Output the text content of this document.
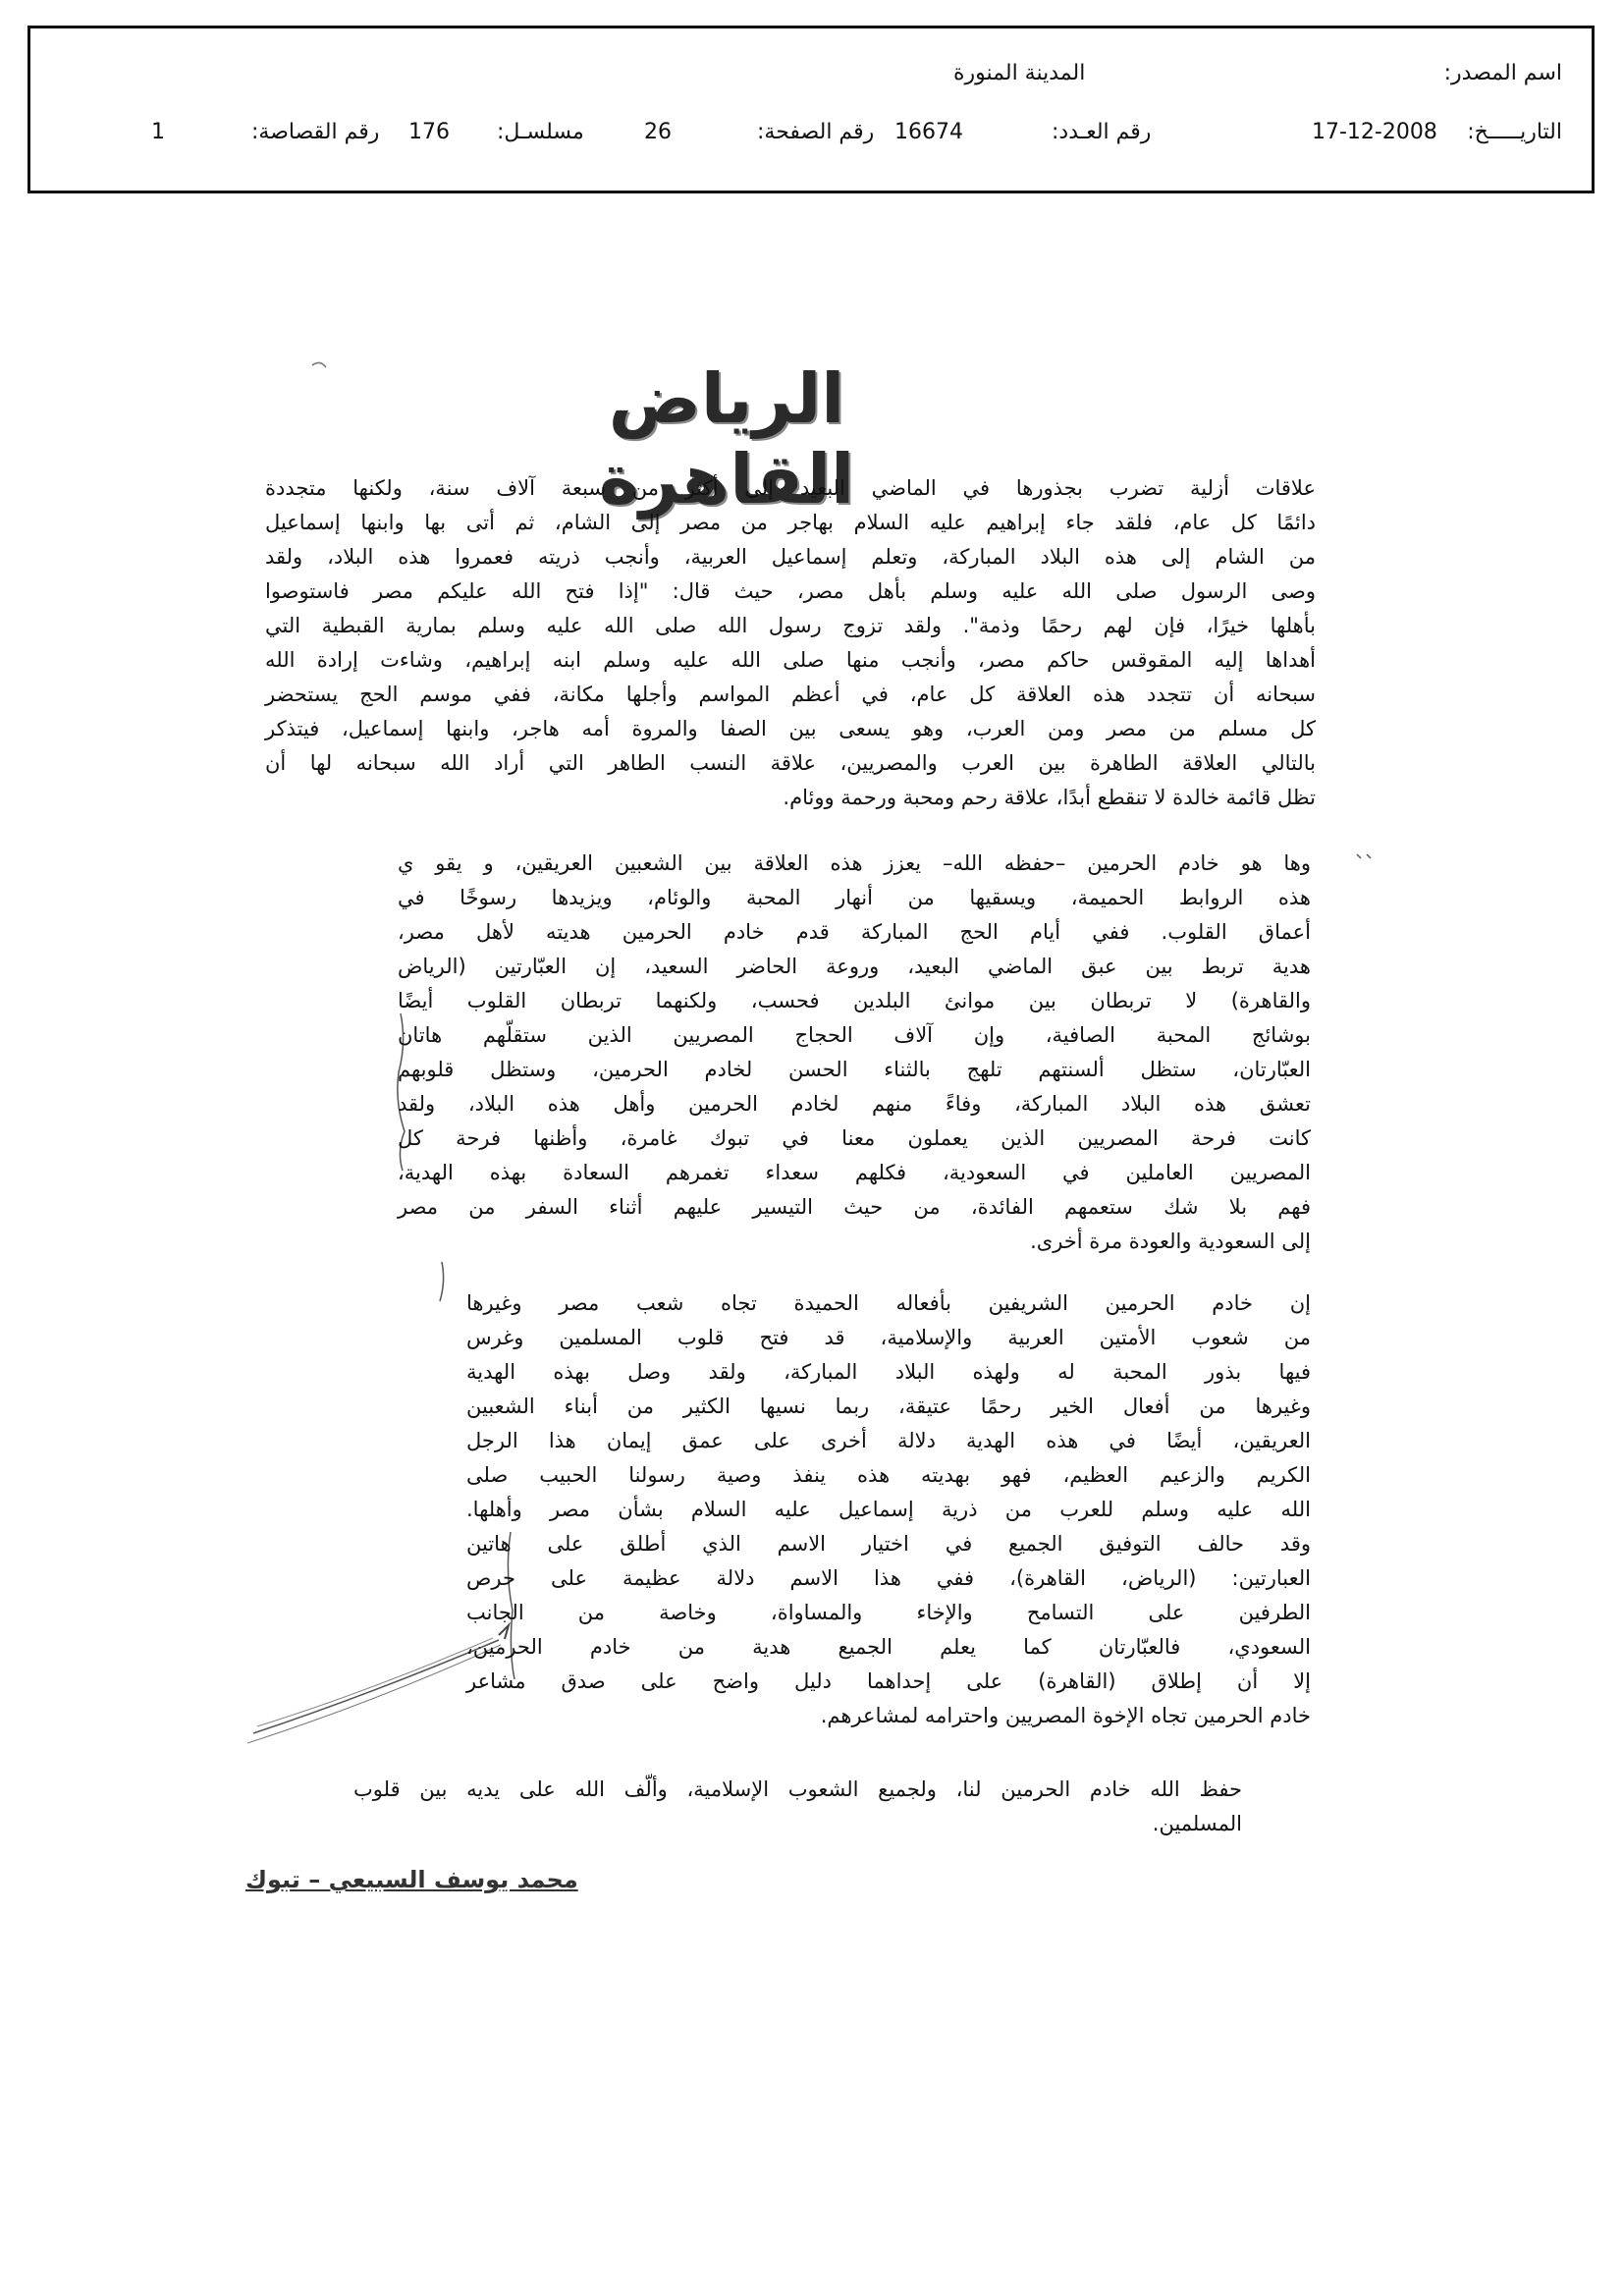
اسم المصدر:
المدينة المنورة
التاريـــــخ:
17-12-2008
رقم العـدد:
16674
رقم الصفحة:
26
مسلسـل:
176
رقم القصاصة:
1
الرياض القاهرة
علاقات أزلية تضرب بجذورها في الماضي البعيد إلى أكثر من سبعة آلاف سنة، ولكنها متجددة
دائمًا كل عام، فلقد جاء إبراهيم عليه السلام بهاجر من مصر إلى الشام، ثم أتى بها وابنها إسماعيل
من الشام إلى هذه البلاد المباركة، وتعلم إسماعيل العربية، وأنجب ذريته فعمروا هذه البلاد، ولقد
وصى الرسول صلى الله عليه وسلم بأهل مصر، حيث قال: "إذا فتح الله عليكم مصر فاستوصوا
بأهلها خيرًا، فإن لهم رحمًا وذمة". ولقد تزوج رسول الله صلى الله عليه وسلم بمارية القبطية التي
أهداها إليه المقوقس حاكم مصر، وأنجب منها صلى الله عليه وسلم ابنه إبراهيم، وشاءت إرادة الله
سبحانه أن تتجدد هذه العلاقة كل عام، في أعظم المواسم وأجلها مكانة، ففي موسم الحج يستحضر
كل مسلم من مصر ومن العرب، وهو يسعى بين الصفا والمروة أمه هاجر، وابنها إسماعيل، فيتذكر
بالتالي العلاقة الطاهرة بين العرب والمصريين، علاقة النسب الطاهر التي أراد الله سبحانه لها أن
تظل قائمة خالدة لا تنقطع أبدًا، علاقة رحم ومحبة ورحمة ووئام.
وها هو خادم الحرمين –حفظه الله– يعزز هذه العلاقة بين الشعبين العريقين، و يقو ي
هذه الروابط الحميمة، ويسقيها من أنهار المحبة والوئام، ويزيدها رسوخًا في
أعماق القلوب. ففي أيام الحج المباركة قدم خادم الحرمين هديته لأهل مصر،
هدية تربط بين عبق الماضي البعيد، وروعة الحاضر السعيد، إن العبّارتين (الرياض
والقاهرة) لا تربطان بين موانئ البلدين فحسب، ولكنهما تربطان القلوب أيضًا
بوشائج المحبة الصافية، وإن آلاف الحجاج المصريين الذين ستقلّهم هاتان
العبّارتان، ستظل ألسنتهم تلهج بالثناء الحسن لخادم الحرمين، وستظل قلوبهم
تعشق هذه البلاد المباركة، وفاءً منهم لخادم الحرمين وأهل هذه البلاد، ولقد
كانت فرحة المصريين الذين يعملون معنا في تبوك غامرة، وأظنها فرحة كل
المصريين العاملين في السعودية، فكلهم سعداء تغمرهم السعادة بهذه الهدية،
فهم بلا شك ستعمهم الفائدة، من حيث التيسير عليهم أثناء السفر من مصر
إلى السعودية والعودة مرة أخرى.
إن خادم الحرمين الشريفين بأفعاله الحميدة تجاه شعب مصر وغيرها
من شعوب الأمتين العربية والإسلامية، قد فتح قلوب المسلمين وغرس
فيها بذور المحبة له ولهذه البلاد المباركة، ولقد وصل بهذه الهدية
وغيرها من أفعال الخير رحمًا عتيقة، ربما نسيها الكثير من أبناء الشعبين
العريقين، أيضًا في هذه الهدية دلالة أخرى على عمق إيمان هذا الرجل
الكريم والزعيم العظيم، فهو بهديته هذه ينفذ وصية رسولنا الحبيب صلى
الله عليه وسلم للعرب من ذرية إسماعيل عليه السلام بشأن مصر وأهلها.
وقد حالف التوفيق الجميع في اختيار الاسم الذي أطلق على هاتين
العبارتين: (الرياض، القاهرة)، ففي هذا الاسم دلالة عظيمة على حرص
الطرفين على التسامح والإخاء والمساواة، وخاصة من الجانب
السعودي، فالعبّارتان كما يعلم الجميع هدية من خادم الحرمين،
إلا أن إطلاق (القاهرة) على إحداهما دليل واضح على صدق مشاعر
خادم الحرمين تجاه الإخوة المصريين واحترامه لمشاعرهم.
حفظ الله خادم الحرمين لنا، ولجميع الشعوب الإسلامية، وألّف الله على يديه بين قلوب
المسلمين.
محمد يوسف السبيعي – تبوك
